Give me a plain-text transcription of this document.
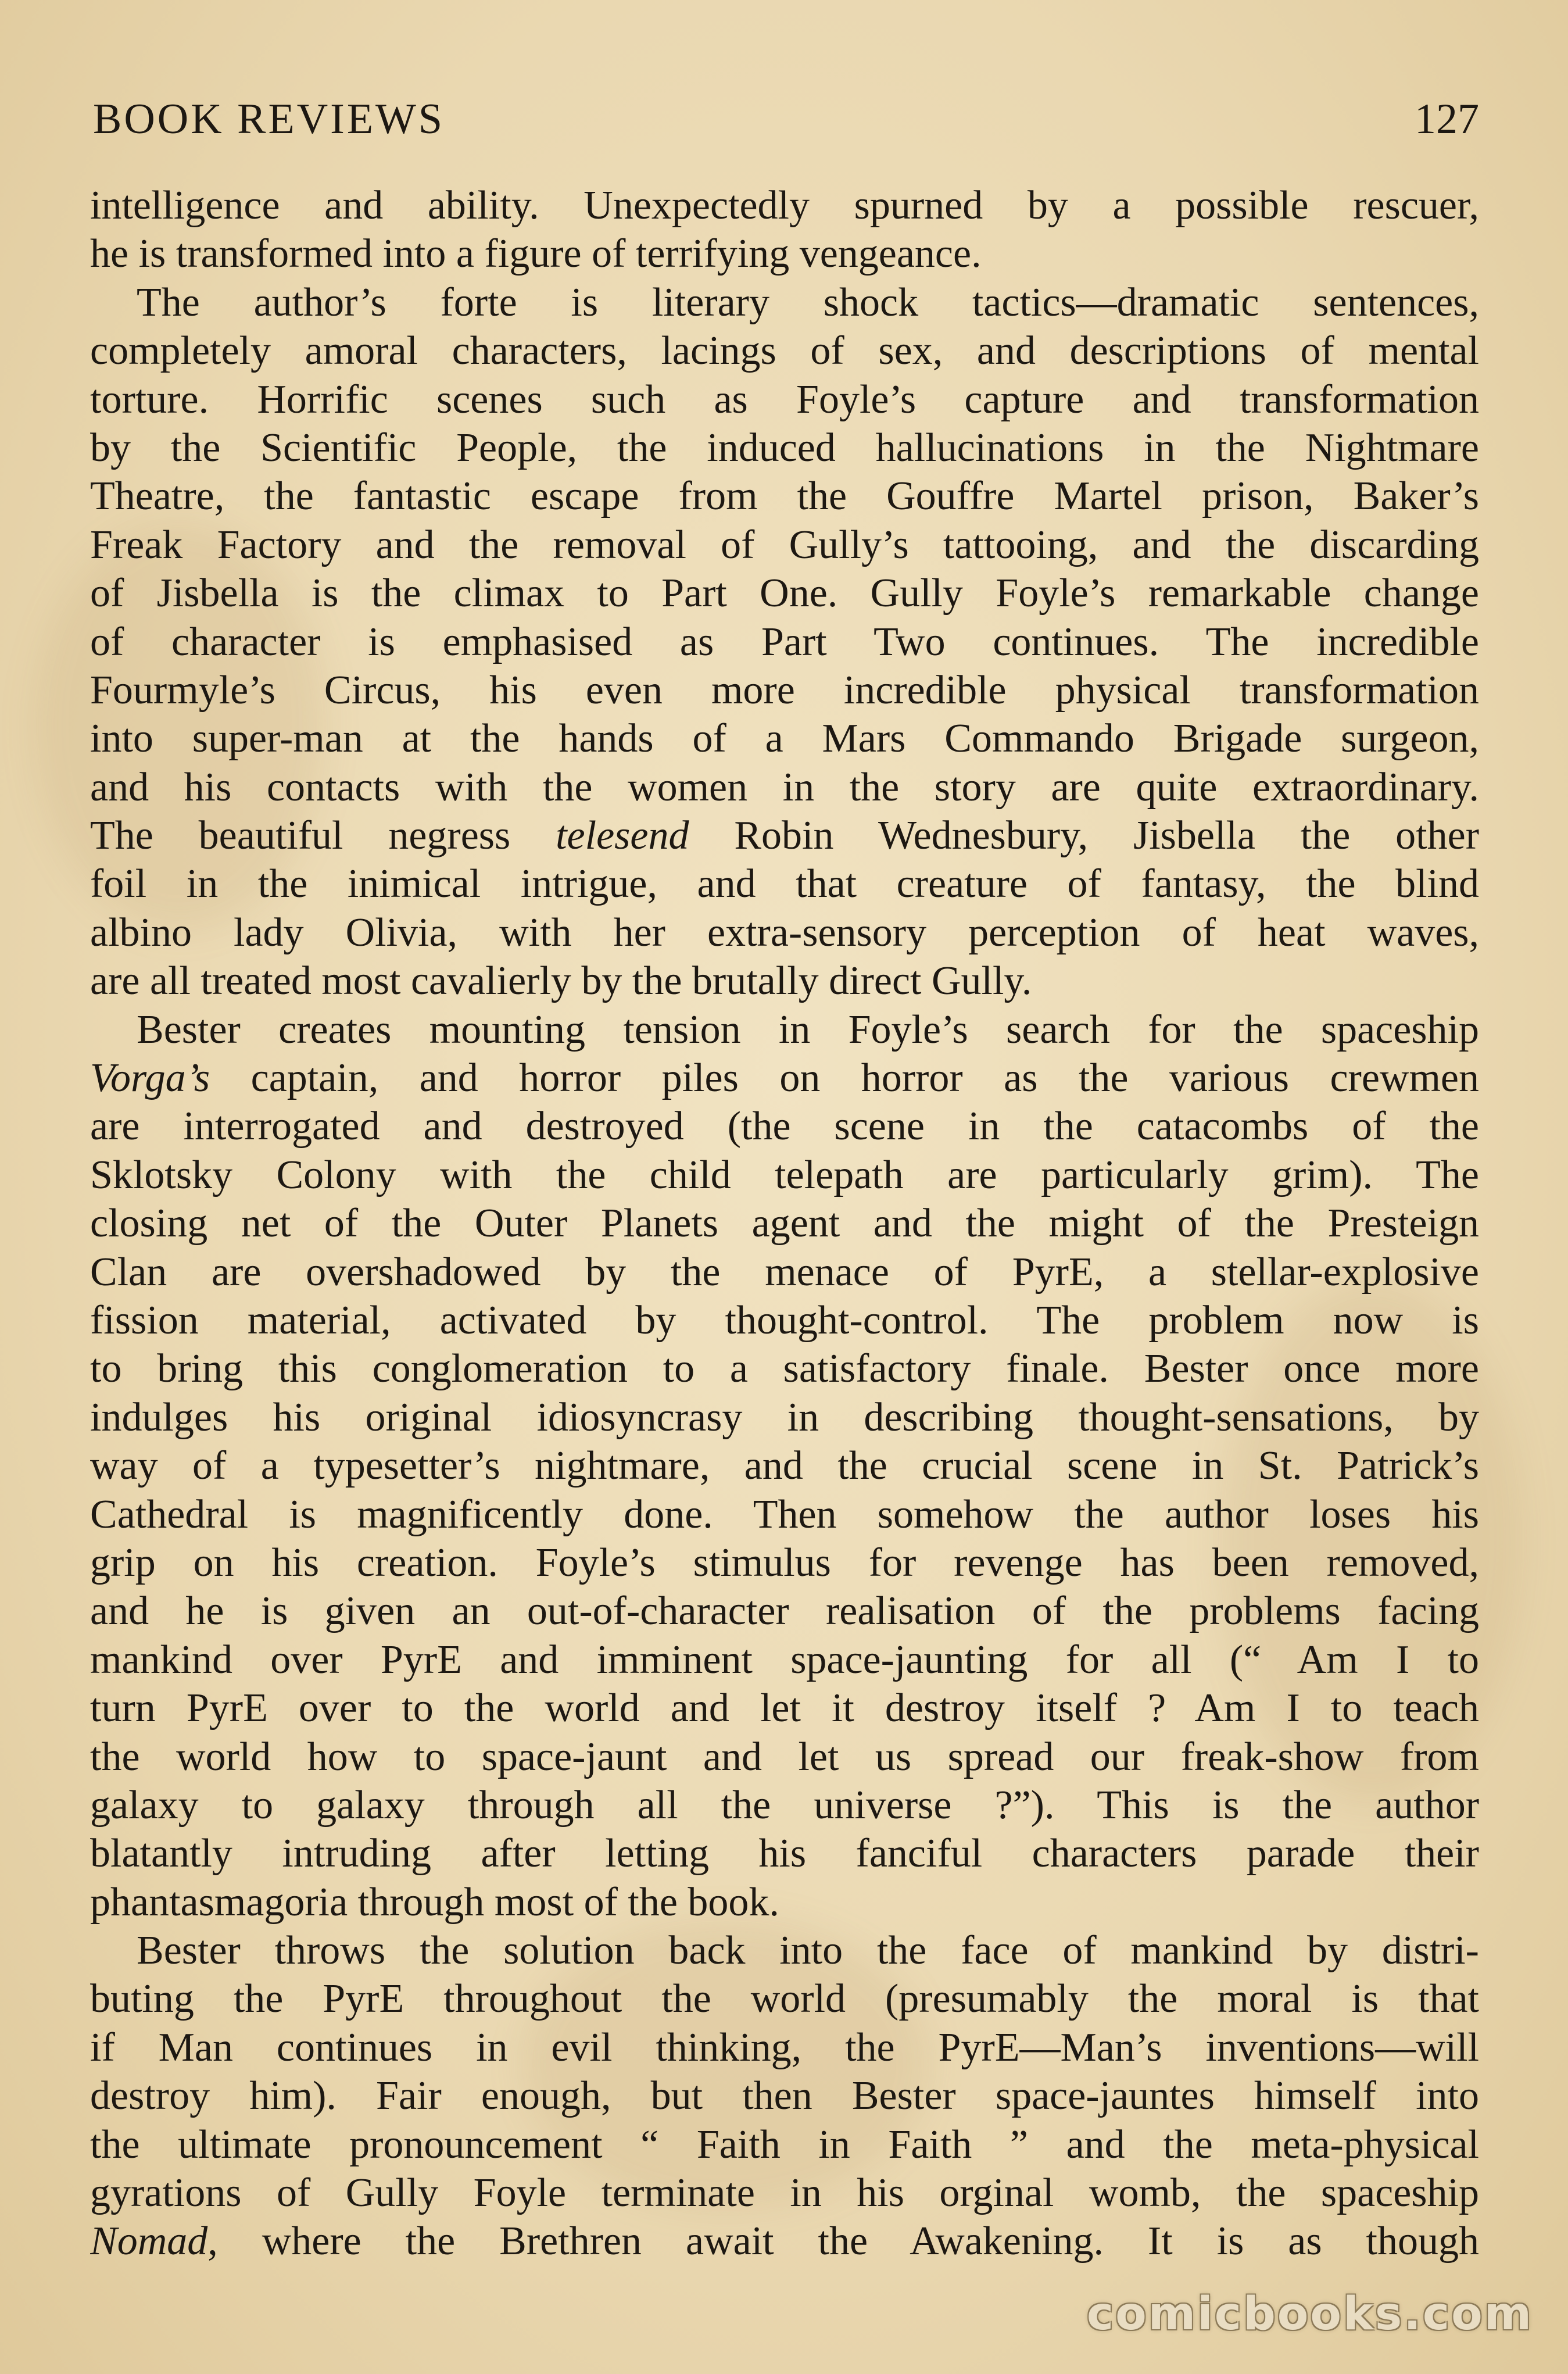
BOOK REVIEWS	127
intelligence and ability. Unexpectedly spurned by a possible rescuer,
he is transformed into a figure of terrifying vengeance.
The author’s forte is literary shock tactics—dramatic sentences,
completely amoral characters, lacings of sex, and descriptions of mental
torture. Horrific scenes such as Foyle’s capture and transformation
by the Scientific People, the induced hallucinations in the Nightmare
Theatre, the fantastic escape from the Gouffre Martel prison, Baker’s
Freak Factory and the removal of Gully’s tattooing, and the discarding
of Jisbella is the climax to Part One. Gully Foyle’s remarkable change
of character is emphasised as Part Two continues. The incredible
Fourmyle’s Circus, his even more incredible physical transformation
into super-man at the hands of a Mars Commando Brigade surgeon,
and his contacts with the women in the story are quite extraordinary.
The beautiful negress telesend Robin Wednesbury, Jisbella the other
foil in the inimical intrigue, and that creature of fantasy, the blind
albino lady Olivia, with her extra-sensory perception of heat waves,
are all treated most cavalierly by the brutally direct Gully.
Bester creates mounting tension in Foyle’s search for the spaceship
Vorga’s captain, and horror piles on horror as the various crewmen
are interrogated and destroyed (the scene in the catacombs of the
Sklotsky Colony with the child telepath are particularly grim). The
closing net of the Outer Planets agent and the might of the Presteign
Clan are overshadowed by the menace of PyrE, a stellar-explosive
fission material, activated by thought-control. The problem now is
to bring this conglomeration to a satisfactory finale. Bester once more
indulges his original idiosyncrasy in describing thought-sensations, by
way of a typesetter’s nightmare, and the crucial scene in St. Patrick’s
Cathedral is magnificently done. Then somehow the author loses his
grip on his creation. Foyle’s stimulus for revenge has been removed,
and he is given an out-of-character realisation of the problems facing
mankind over PyrE and imminent space-jaunting for all (“ Am I to
turn PyrE over to the world and let it destroy itself ? Am I to teach
the world how to space-jaunt and let us spread our freak-show from
galaxy to galaxy through all the universe ?”). This is the author
blatantly intruding after letting his fanciful characters parade their
phantasmagoria through most of the book.
Bester throws the solution back into the face of mankind by distri-
buting the PyrE throughout the world (presumably the moral is that
if Man continues in evil thinking, the PyrE—Man’s inventions—will
destroy him). Fair enough, but then Bester space-jauntes himself into
the ultimate pronouncement “ Faith in Faith ” and the meta-physical
gyrations of Gully Foyle terminate in his orginal womb, the spaceship
Nomad, where the Brethren await the Awakening. It is as though
comicbooks.com
